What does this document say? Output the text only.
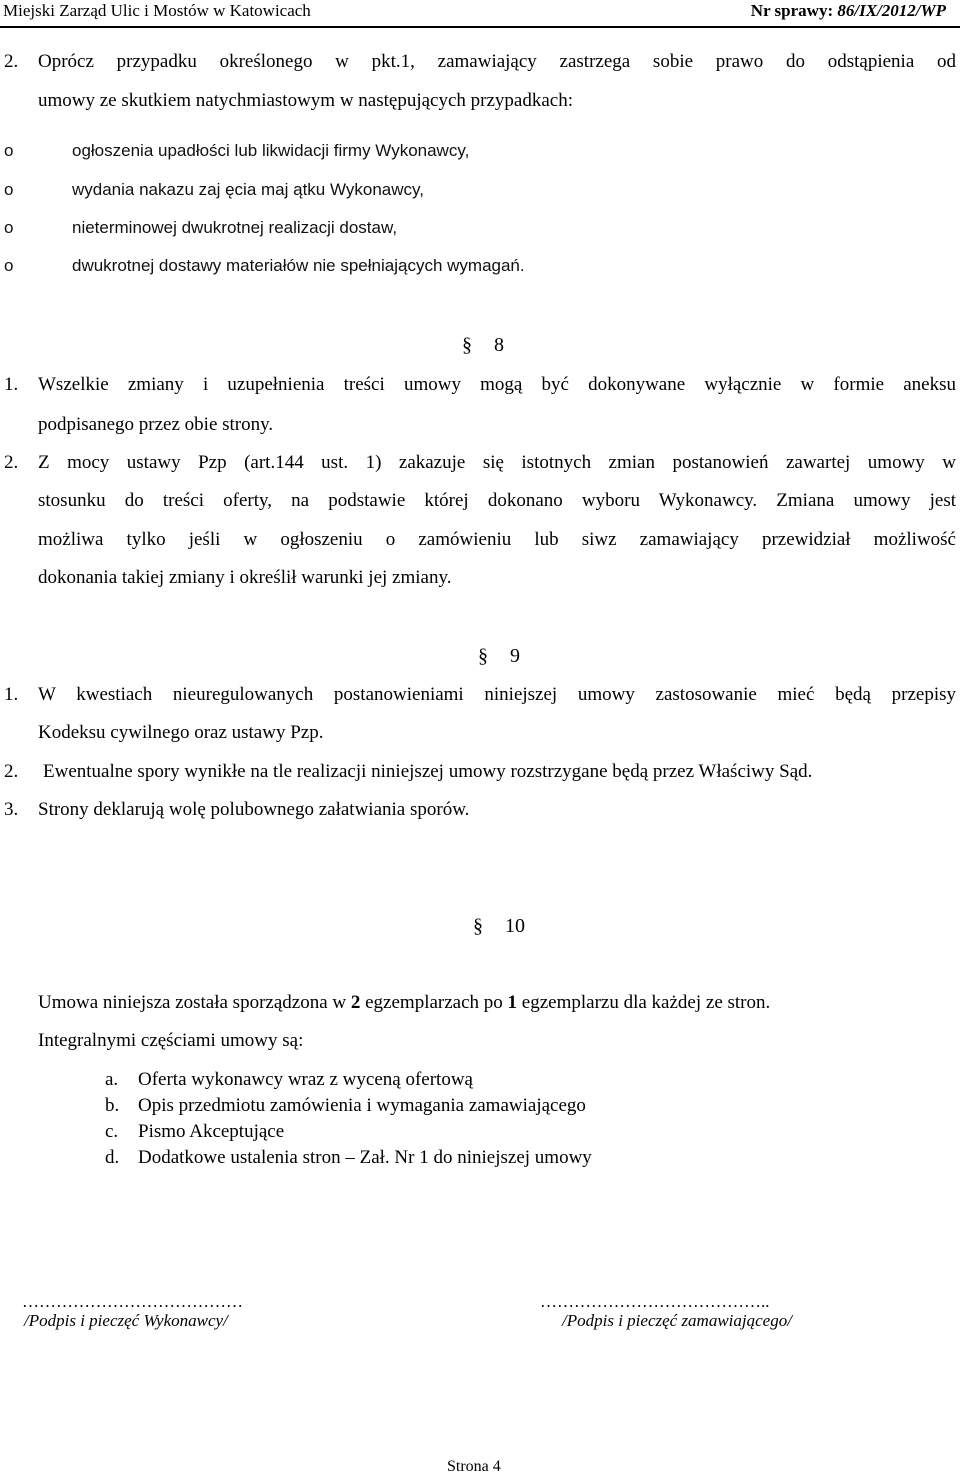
Miejski Zarząd Ulic i Mostów w Katowicach	Nr sprawy: 86/IX/2012/WP
2. Oprócz przypadku określonego w pkt.1, zamawiający zastrzega sobie prawo do odstąpienia od
umowy ze skutkiem natychmiastowym w następujących przypadkach:
o	ogłoszenia upadłości lub likwidacji firmy Wykonawcy,
o	wydania nakazu zaj ęcia maj ątku Wykonawcy,
o	nieterminowej dwukrotnej realizacji dostaw,
o	dwukrotnej dostawy materiałów nie spełniających wymagań.
§ 8
1. Wszelkie zmiany i uzupełnienia treści umowy mogą być dokonywane wyłącznie w formie aneksu
podpisanego przez obie strony.
2. Z mocy ustawy Pzp (art.144 ust. 1) zakazuje się istotnych zmian postanowień zawartej umowy w
stosunku do treści oferty, na podstawie której dokonano wyboru Wykonawcy. Zmiana umowy jest
możliwa tylko jeśli w ogłoszeniu o zamówieniu lub siwz zamawiający przewidział możliwość
dokonania takiej zmiany i określił warunki jej zmiany.
§ 9
1. W kwestiach nieuregulowanych postanowieniami niniejszej umowy zastosowanie mieć będą przepisy
Kodeksu cywilnego oraz ustawy Pzp.
2. Ewentualne spory wynikłe na tle realizacji niniejszej umowy rozstrzygane będą przez Właściwy Sąd.
3. Strony deklarują wolę polubownego załatwiania sporów.
§ 10
Umowa niniejsza została sporządzona w 2 egzemplarzach po 1 egzemplarzu dla każdej ze stron.
Integralnymi częściami umowy są:
a. Oferta wykonawcy wraz z wyceną ofertową
b. Opis przedmiotu zamówienia i wymagania zamawiającego
c. Pismo Akceptujące
d. Dodatkowe ustalenia stron – Zał. Nr 1 do niniejszej umowy
…………………………………	…………………………………..
/Podpis i pieczęć Wykonawcy/	/Podpis i pieczęć zamawiającego/
Strona 4
